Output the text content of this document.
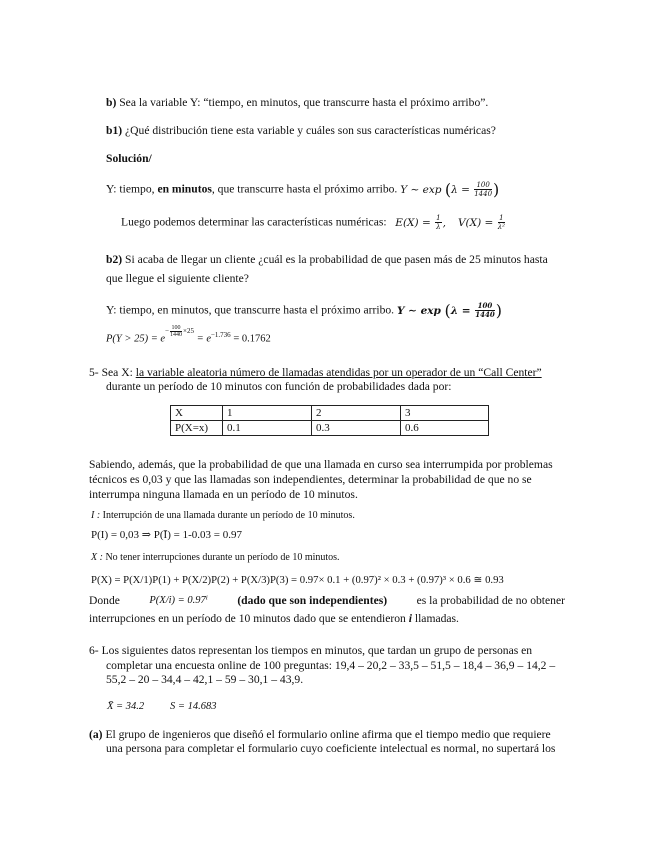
b) Sea la variable Y: “tiempo, en minutos, que transcurre hasta el próximo arribo”.
b1) ¿Qué distribución tiene esta variable y cuáles son sus características numéricas?
Solución/
Y: tiempo, en minutos, que transcurre hasta el próximo arribo. Y ∼ $\exp (\lambda = \frac{100}{1440}$ )
Luego podemos determinar las características numéricas: $E(X) = \frac{1}{\lambda}$ ,    $V(X) = \frac{1}{\text{λ²}}$
b2) Si acaba de llegar un cliente ¿cuál es la probabilidad de que pasen más de 25 minutos hasta
que llegue el siguiente cliente?
Y: tiempo, en minutos, que transcurre hasta el próximo arribo. Y ∼ $\exp (\lambda = \frac{100}{1440}$ )
$P(Y > 25) = e^{- \frac{100}{1440} \times 25} = e^{-1.736} = 0.1762$
5- Sea X: la variable aleatoria número de llamadas atendidas por un operador de un “Call Center”
durante un período de 10 minutos con función de probabilidades dada por:
X	1	2	3
P(X=x)	0.1	0.3	0.6
Sabiendo, además, que la probabilidad de que una llamada en curso sea interrumpida por problemas
técnicos es 0,03 y que las llamadas son independientes, determinar la probabilidad de que no se
interrumpa ninguna llamada en un período de 10 minutos.
I : Interrupción de una llamada durante un período de 10 minutos.
P(I) = 0,03 ⇒ P(Ī) = 1-0.03 = 0.97
X : No tener interrupciones durante un período de 10 minutos.
P(X) = P(X/1)P(1) + P(X/2)P(2) + P(X/3)P(3) = 0.97× 0.1 + (0.97)² × 0.3 + (0.97)³ × 0.6 ≅ 0.93
Donde	P(X/i) = 0.97ⁱ	(dado que son independientes)	es la probabilidad de no obtener
interrupciones en un período de 10 minutos dado que se entendieron i llamadas.
6- Los siguientes datos representan los tiempos en minutos, que tardan un grupo de personas en
completar una encuesta online de 100 preguntas: 19,4 – 20,2 – 33,5 – 51,5 – 18,4 – 36,9 – 14,2 –
55,2 – 20 – 34,4 – 42,1 – 59 – 30,1 – 43,9.
X̄ = 34.2 S = 14.683
(a) El grupo de ingenieros que diseñó el formulario online afirma que el tiempo medio que requiere
una persona para completar el formulario cuyo coeficiente intelectual es normal, no supertará los
